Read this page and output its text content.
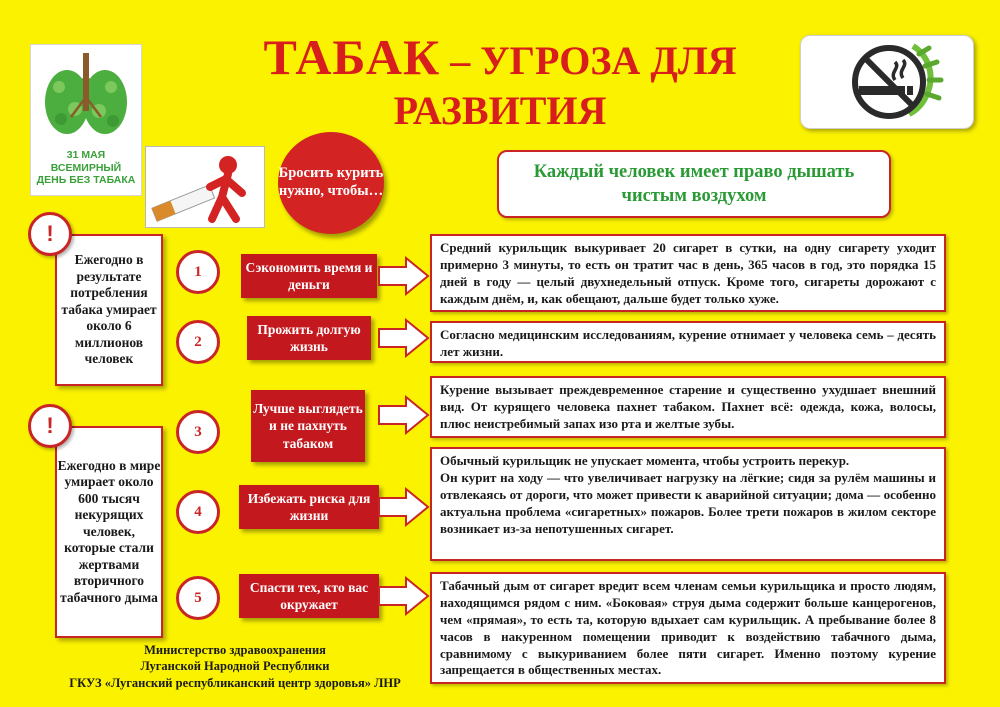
ТАБАК – УГРОЗА ДЛЯ
РАЗВИТИЯ
31 МАЯ
ВСЕМИРНЫЙ
ДЕНЬ БЕЗ ТАБАКА	Бросить курить нужно, чтобы…
Каждый человек имеет право дышать чистым воздухом
Ежегодно в результате потребления табака умирает около 6 миллионов человек
!
Ежегодно в мире умирает около 600 тысяч некурящих человек, которые стали жертвами вторичного табачного дыма
!
1	Сэкономить время и деньги

Средний курильщик выкуривает 20 сигарет в сутки, на одну сигарету уходит примерно 3 минуты, то есть он тратит час в день, 365 часов в год, это порядка 15 дней в году — целый двухнедельный отпуск. Кроме того, сигареты дорожают с каждым днём, и, как обещают, дальше будет только хуже.

2
Прожить долгую жизнь

Согласно медицинским исследованиям, курение отнимает у человека семь – десять лет жизни.

3
Лучше выглядеть и не пахнуть табаком

Курение вызывает преждевременное старение и существенно ухудшает внешний вид. От курящего человека пахнет табаком. Пахнет всё: одежда, кожа, волосы, плюс неистребимый запах изо рта и желтые зубы.

4
Избежать риска для жизни

Обычный курильщик не упускает момента, чтобы устроить перекур.

Он курит на ходу — что увеличивает нагрузку на лёгкие; сидя за рулём машины и отвлекаясь от дороги, что может привести к аварийной ситуации; дома — особенно актуальна проблема «сигаретных» пожаров. Более трети пожаров в жилом секторе возникает из-за непотушенных сигарет.

5
Спасти тех, кто вас окружает

Табачный дым от сигарет вредит всем членам семьи курильщика и просто людям, находящимся рядом с ним. «Боковая» струя дыма содержит больше канцерогенов, чем «прямая», то есть та, которую вдыхает сам курильщик. А пребывание более 8 часов в накуренном помещении приводит к воздействию табачного дыма, сравнимому с выкуриванием более пяти сигарет. Именно поэтому курение запрещается в общественных местах.

Министерство здравоохранения
Луганской Народной Республики
ГКУЗ «Луганский республиканский центр здоровья» ЛНР
